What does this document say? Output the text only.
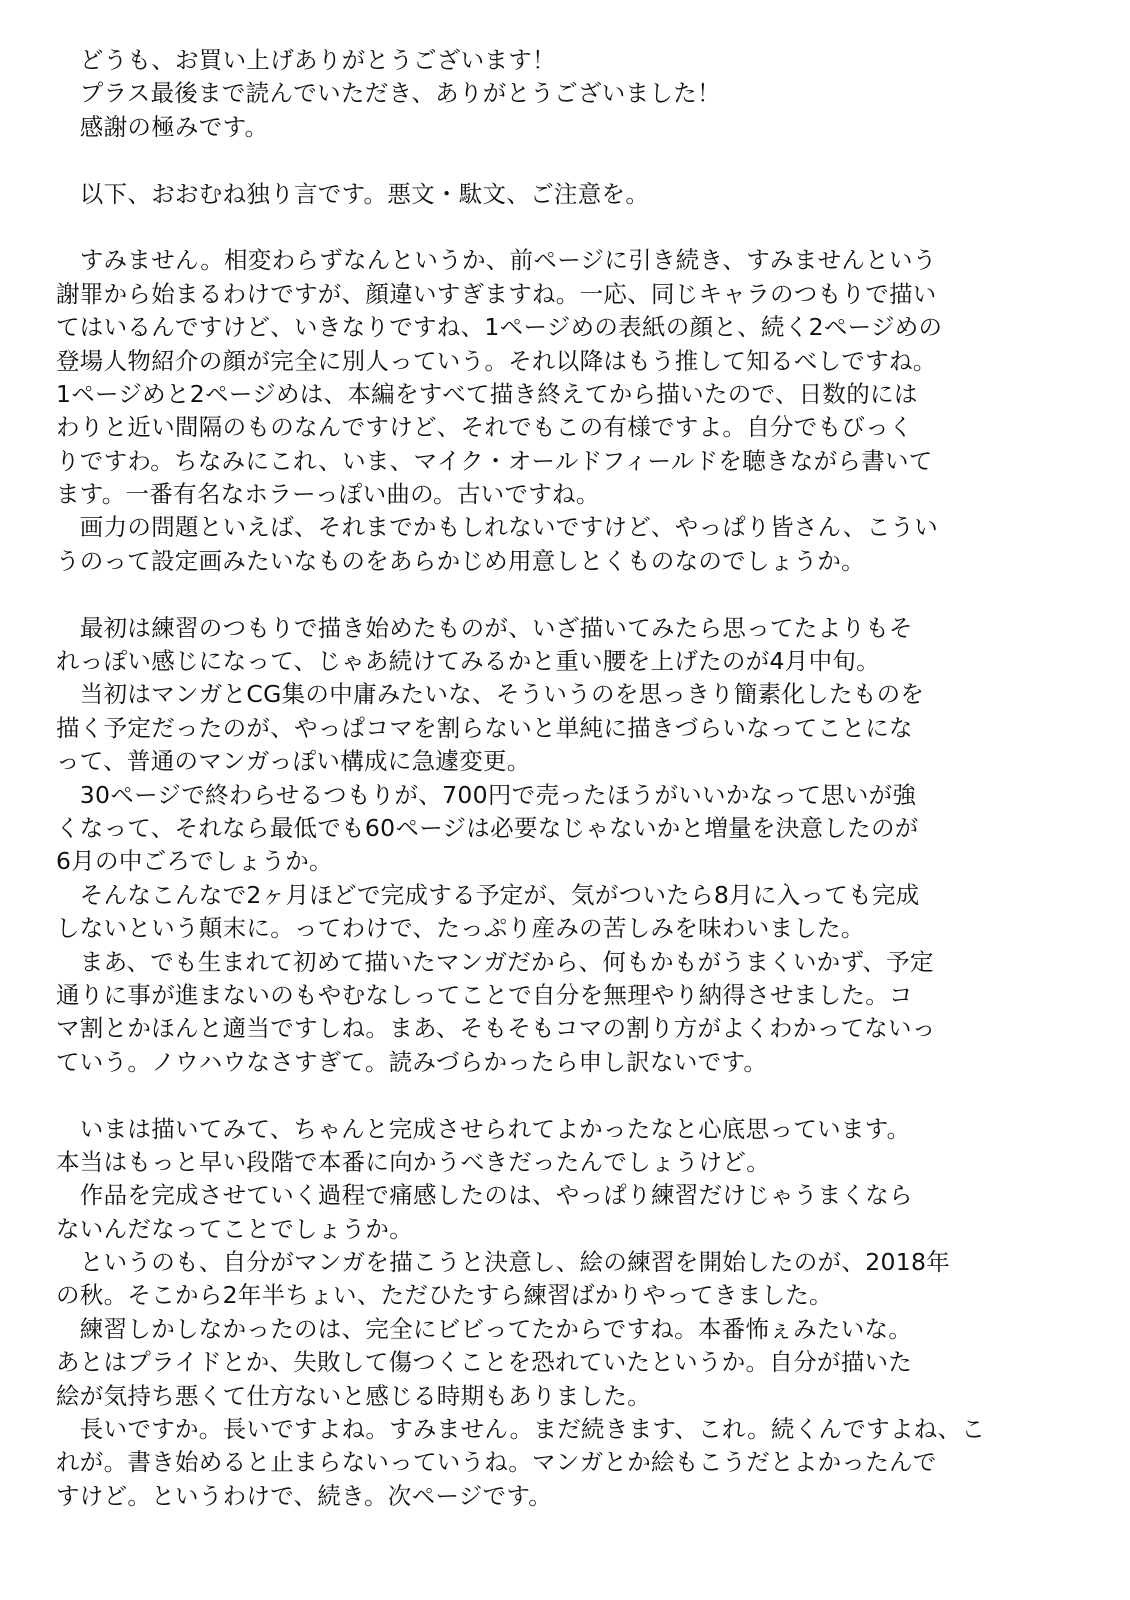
　どうも、お買い上げありがとうございます！
　プラス最後まで読んでいただき、ありがとうございました！
　感謝の極みです。
　以下、おおむね独り言です。悪文・駄文、ご注意を。
　すみません。相変わらずなんというか、前ページに引き続き、すみませんという
謝罪から始まるわけですが、顔違いすぎますね。一応、同じキャラのつもりで描い
てはいるんですけど、いきなりですね、1ページめの表紙の顔と、続く2ページめの
登場人物紹介の顔が完全に別人っていう。それ以降はもう推して知るべしですね。
1ページめと2ページめは、本編をすべて描き終えてから描いたので、日数的には
わりと近い間隔のものなんですけど、それでもこの有様ですよ。自分でもびっく
りですわ。ちなみにこれ、いま、マイク・オールドフィールドを聴きながら書いて
ます。一番有名なホラーっぽい曲の。古いですね。
　画力の問題といえば、それまでかもしれないですけど、やっぱり皆さん、こうい
うのって設定画みたいなものをあらかじめ用意しとくものなのでしょうか。
　最初は練習のつもりで描き始めたものが、いざ描いてみたら思ってたよりもそ
れっぽい感じになって、じゃあ続けてみるかと重い腰を上げたのが4月中旬。
　当初はマンガとCG集の中庸みたいな、そういうのを思っきり簡素化したものを
描く予定だったのが、やっぱコマを割らないと単純に描きづらいなってことにな
って、普通のマンガっぽい構成に急遽変更。
　30ページで終わらせるつもりが、700円で売ったほうがいいかなって思いが強
くなって、それなら最低でも60ページは必要なじゃないかと増量を決意したのが
6月の中ごろでしょうか。
　そんなこんなで2ヶ月ほどで完成する予定が、気がついたら8月に入っても完成
しないという顛末に。ってわけで、たっぷり産みの苦しみを味わいました。
　まあ、でも生まれて初めて描いたマンガだから、何もかもがうまくいかず、予定
通りに事が進まないのもやむなしってことで自分を無理やり納得させました。コ
マ割とかほんと適当ですしね。まあ、そもそもコマの割り方がよくわかってないっ
ていう。ノウハウなさすぎて。読みづらかったら申し訳ないです。
　いまは描いてみて、ちゃんと完成させられてよかったなと心底思っています。
本当はもっと早い段階で本番に向かうべきだったんでしょうけど。
　作品を完成させていく過程で痛感したのは、やっぱり練習だけじゃうまくなら
ないんだなってことでしょうか。
　というのも、自分がマンガを描こうと決意し、絵の練習を開始したのが、2018年
の秋。そこから2年半ちょい、ただひたすら練習ばかりやってきました。
　練習しかしなかったのは、完全にビビってたからですね。本番怖ぇみたいな。
あとはプライドとか、失敗して傷つくことを恐れていたというか。自分が描いた
絵が気持ち悪くて仕方ないと感じる時期もありました。
　長いですか。長いですよね。すみません。まだ続きます、これ。続くんですよね、こ
れが。書き始めると止まらないっていうね。マンガとか絵もこうだとよかったんで
すけど。というわけで、続き。次ページです。
